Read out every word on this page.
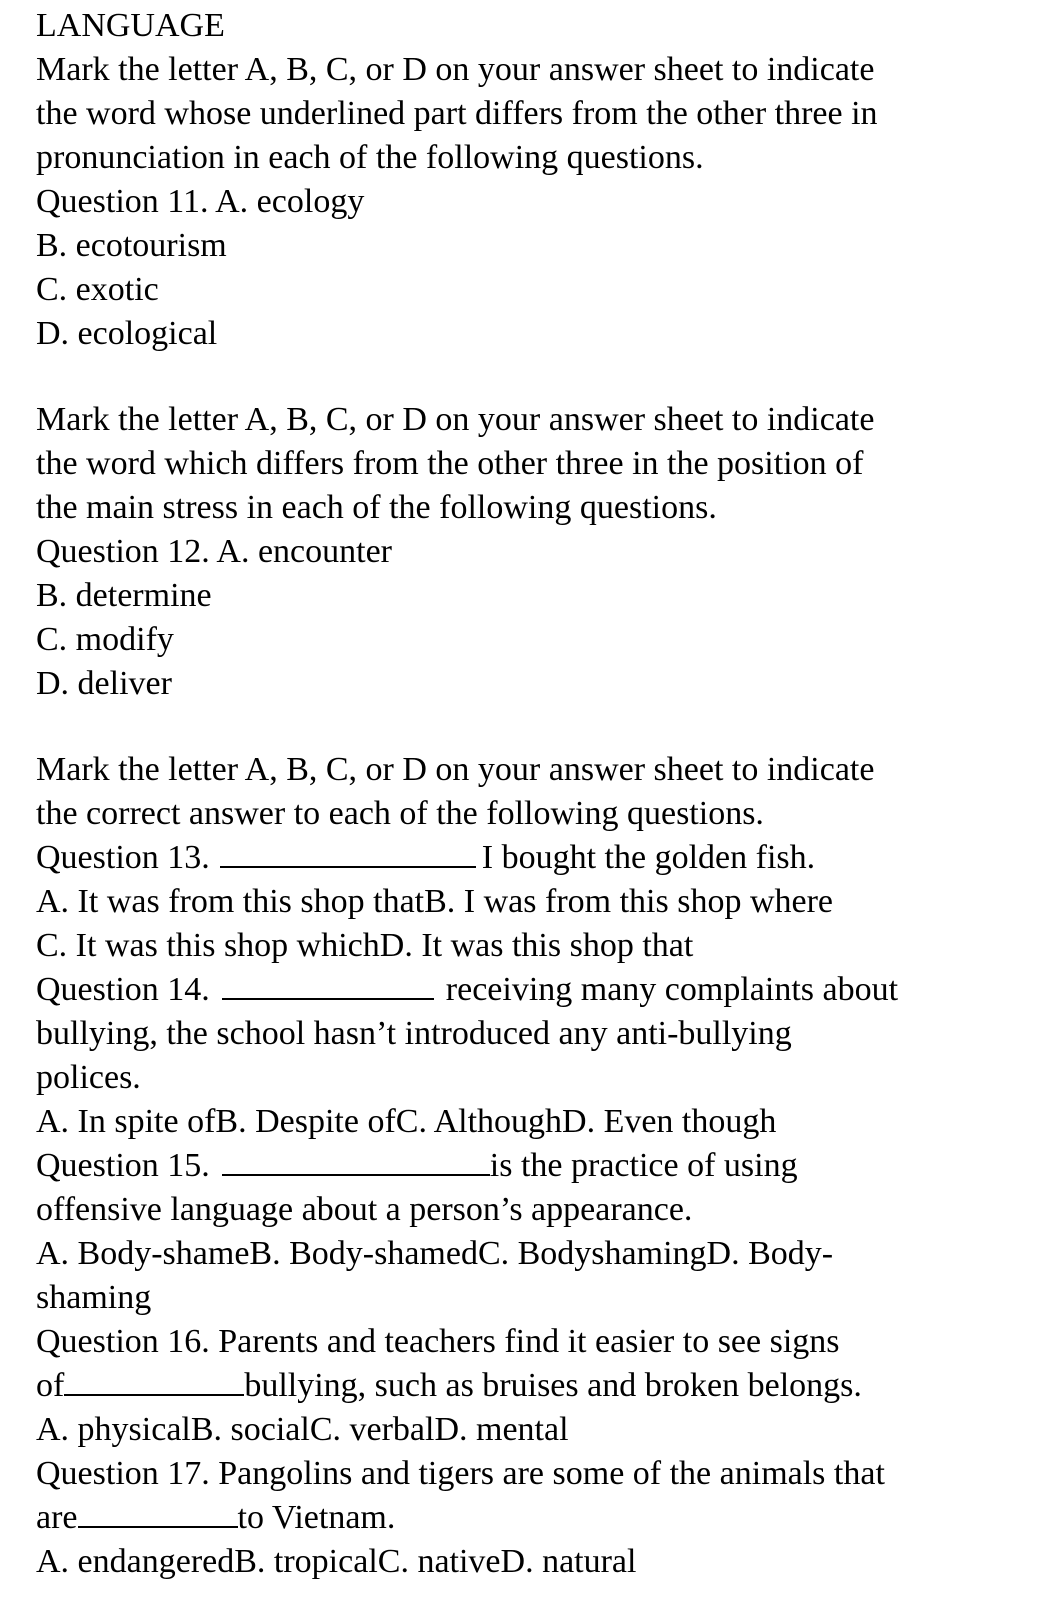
LANGUAGE
Mark the letter A, B, C, or D on your answer sheet to indicate
the word whose underlined part differs from the other three in
pronunciation in each of the following questions.
Question 11. A. ecology
B. ecotourism
C. exotic
D. ecological
Mark the letter A, B, C, or D on your answer sheet to indicate
the word which differs from the other three in the position of
the main stress in each of the following questions.
Question 12. A. encounter
B. determine
C. modify
D. deliver
Mark the letter A, B, C, or D on your answer sheet to indicate
the correct answer to each of the following questions.
Question 13.	I bought the golden fish.
A. It was from this shop thatB. I was from this shop where
C. It was this shop whichD. It was this shop that
Question 14.	receiving many complaints about
bullying, the school hasn’t introduced any anti-bullying
polices.
A. In spite ofB. Despite ofC. AlthoughD. Even though
Question 15.	is the practice of using
offensive language about a person’s appearance.
A. Body-shameB. Body-shamedC. BodyshamingD. Body-
shaming
Question 16. Parents and teachers find it easier to see signs
of	bullying, such as bruises and broken belongs.
A. physicalB. socialC. verbalD. mental
Question 17. Pangolins and tigers are some of the animals that
are	to Vietnam.
A. endangeredB. tropicalC. nativeD. natural
